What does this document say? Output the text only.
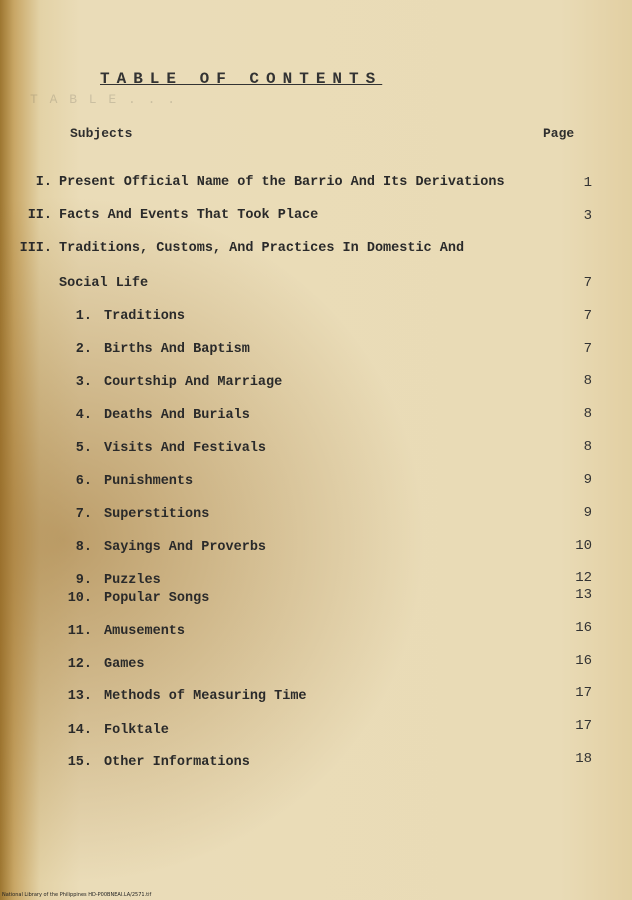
T A B L E . . .
TABLE OF CONTENTS
Subjects	Page
I. Present Official Name of the Barrio And Its Derivations	1
II. Facts And Events That Took Place	3
III. Traditions, Customs, And Practices In Domestic And
Social Life	7
1. Traditions	7
2. Births And Baptism	7
3. Courtship And Marriage	8
4. Deaths And Burials	8
5. Visits And Festivals	8
6. Punishments	9
7. Superstitions	9
8. Sayings And Proverbs	10
9. Puzzles	12
10. Popular Songs	13
11. Amusements	16
12. Games	16
13. Methods of Measuring Time	17
14. Folktale	17
15. Other Informations	18
National Library of the Philippines HD-P00BNEAI.LA/2571.tif
